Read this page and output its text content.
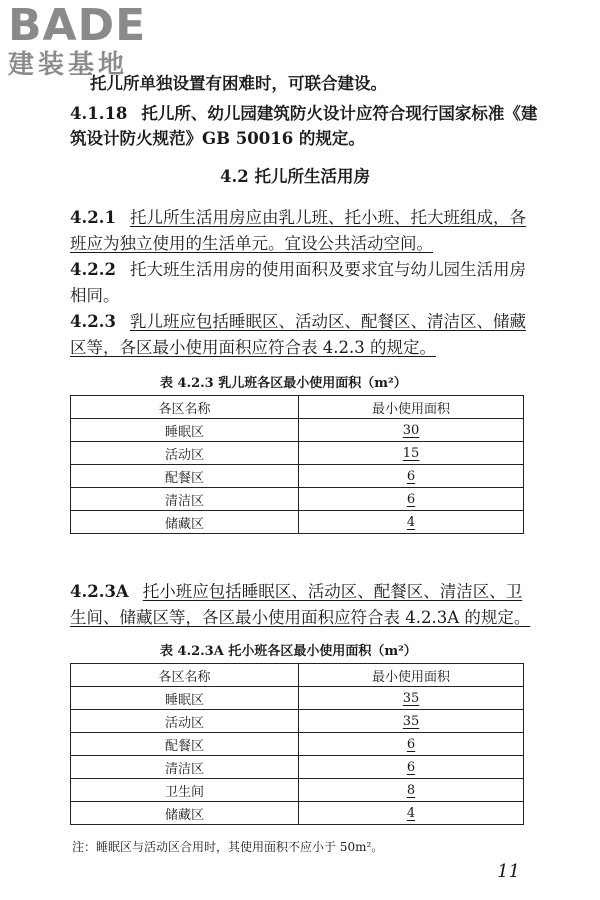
BADE
建装基地
托儿所单独设置有困难时，可联合建设。
4.1.18 托儿所、幼儿园建筑防火设计应符合现行国家标准《建
筑设计防火规范》GB 50016 的规定。
4.2 托儿所生活用房
4.2.1 托儿所生活用房应由乳儿班、托小班、托大班组成，各
班应为独立使用的生活单元。宜设公共活动空间。
4.2.2 托大班生活用房的使用面积及要求宜与幼儿园生活用房
相同。
4.2.3 乳儿班应包括睡眠区、活动区、配餐区、清洁区、储藏
区等，各区最小使用面积应符合表 4.2.3 的规定。
4.2.3A 托小班应包括睡眠区、活动区、配餐区、清洁区、卫
生间、储藏区等，各区最小使用面积应符合表 4.2.3A 的规定。
表 4.2.3 乳儿班各区最小使用面积（m²）
各区名称	最小使用面积
睡眠区	30
活动区	15
配餐区	6
清洁区	6
储藏区	4
表 4.2.3A 托小班各区最小使用面积（m²）
各区名称	最小使用面积
睡眠区	35
活动区	35
配餐区	6
清洁区	6
卫生间	8
储藏区	4
注：睡眠区与活动区合用时，其使用面积不应小于 50m²。
11
